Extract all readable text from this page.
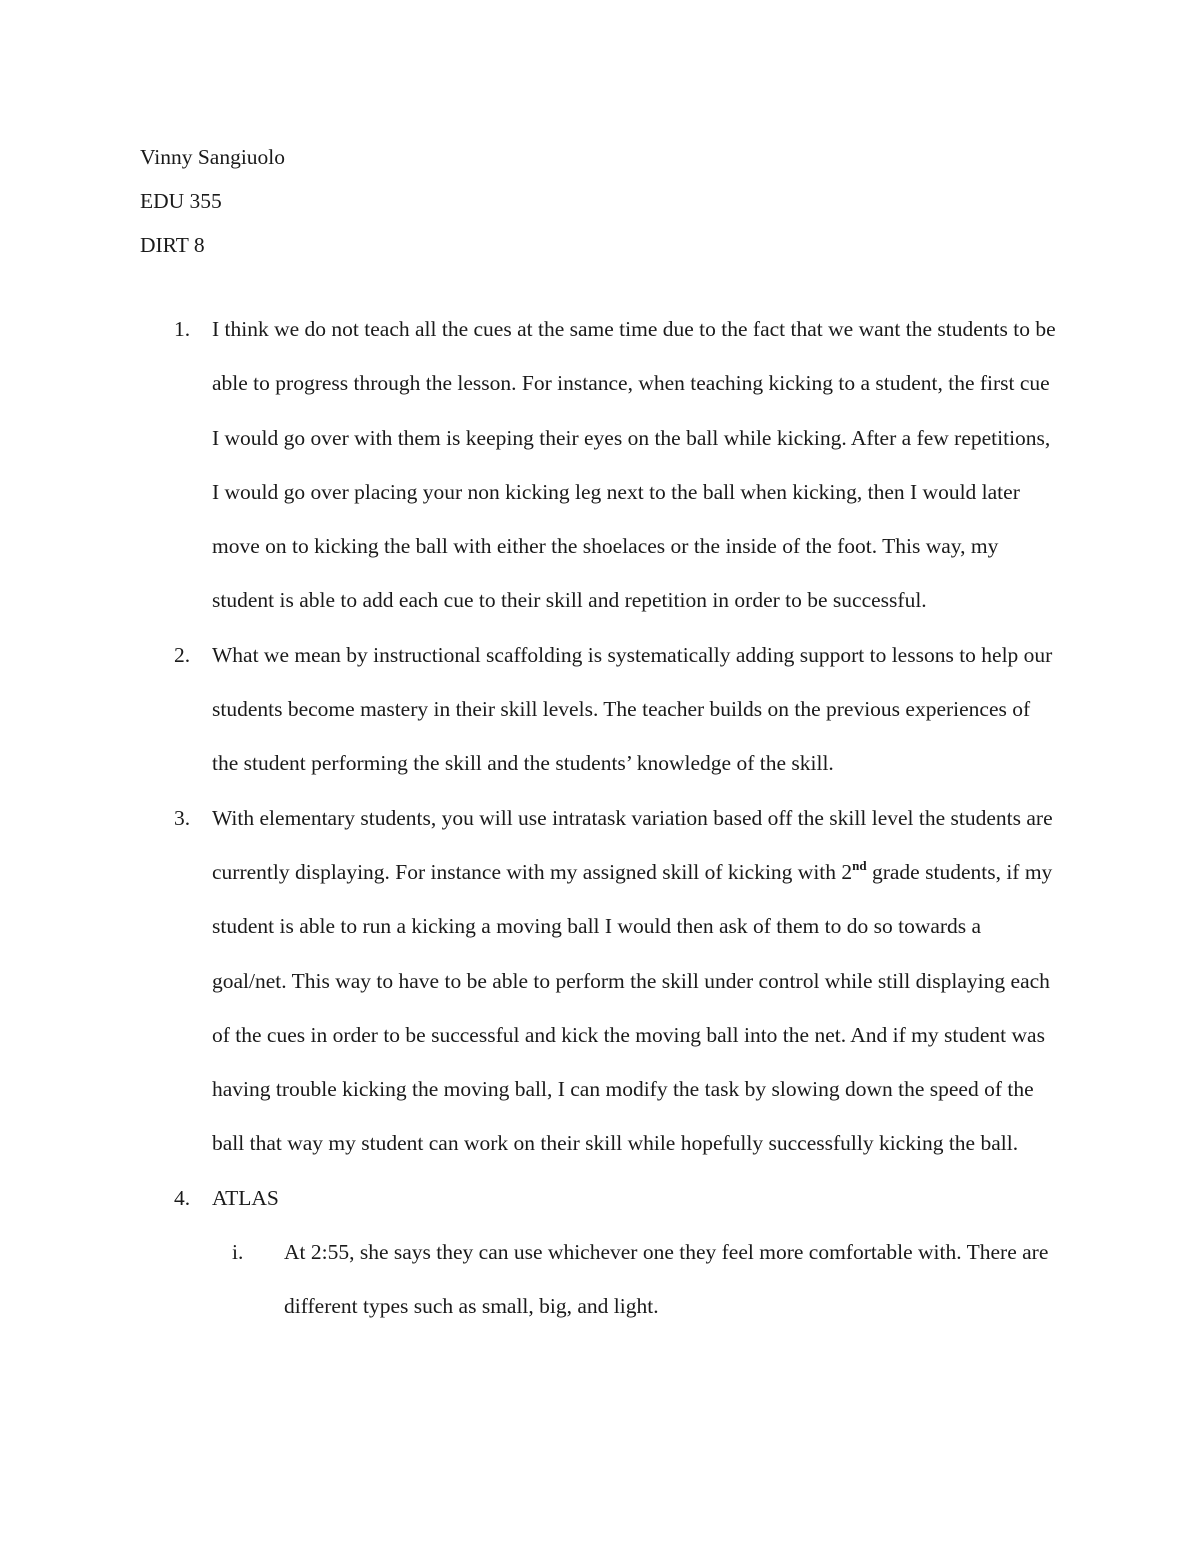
Vinny Sangiuolo
EDU 355
DIRT 8
1. I think we do not teach all the cues at the same time due to the fact that we want the students to be able to progress through the lesson. For instance, when teaching kicking to a student, the first cue I would go over with them is keeping their eyes on the ball while kicking. After a few repetitions, I would go over placing your non kicking leg next to the ball when kicking, then I would later move on to kicking the ball with either the shoelaces or the inside of the foot. This way, my student is able to add each cue to their skill and repetition in order to be successful.
2. What we mean by instructional scaffolding is systematically adding support to lessons to help our students become mastery in their skill levels. The teacher builds on the previous experiences of the student performing the skill and the students’ knowledge of the skill.
3. With elementary students, you will use intratask variation based off the skill level the students are currently displaying. For instance with my assigned skill of kicking with 2nd grade students, if my student is able to run a kicking a moving ball I would then ask of them to do so towards a goal/net. This way to have to be able to perform the skill under control while still displaying each of the cues in order to be successful and kick the moving ball into the net. And if my student was having trouble kicking the moving ball, I can modify the task by slowing down the speed of the ball that way my student can work on their skill while hopefully successfully kicking the ball.
4. ATLAS
i. At 2:55, she says they can use whichever one they feel more comfortable with. There are different types such as small, big, and light.
